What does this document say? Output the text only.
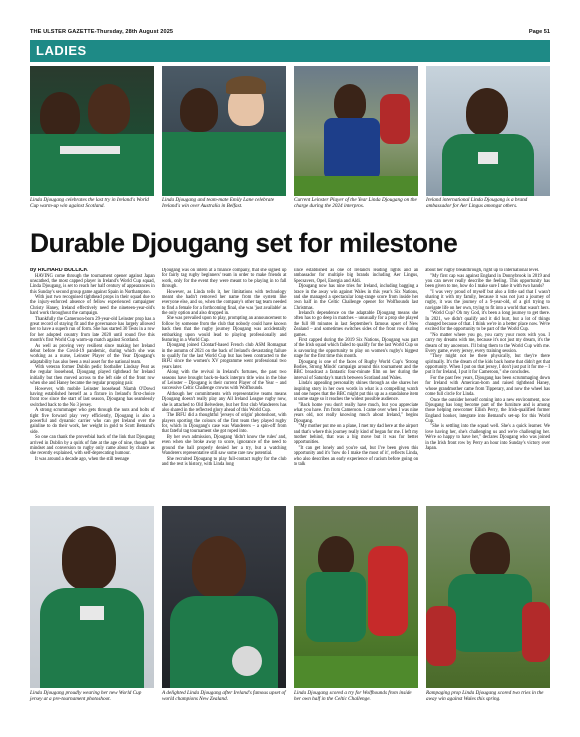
THE ULSTER GAZETTE-Thursday, 28th August 2025	Page 51
LADIES
Linda Djougang celebrates the last try in Ireland's World Cup warm-up win against Scotland.
Linda Djougang and team-mate Emily Lane celebrate Ireland's win over Australia in Belfast.
Current Leinster Player of the Year Linda Djougang on the charge during the 2024 interpros.
Ireland international Linda Djougang is a brand ambassador for Aer Lingus amongst others.
Durable Djougang set for milestone

by RICHARD BULLICK

HAVING come through the tournament opener against Japan unscathed, the most capped player in Ireland's World Cup squad, Linda Djougang, is set to reach her half century of appearances in this Sunday's second group game against Spain in Northampton.

With just two recognised tighthead props in their squad due to the injury-enforced absence of fellow experienced campaigner Christy Haney, Ireland effectively need the nineteen-year-old's hard work throughout the campaign.

Thankfully the Cameroon-born 29-year-old Leinster prop has a great record of staying fit and the governance has largely allowed her to have a superb run of form. She has started 30 Tests in a row for her adopted country from late 2020 until round five this month's first World Cup warm-up match against Scotland.

As well as proving very resilient since making her Ireland debut before the Covid-19 pandemic, during which she was working as a nurse, Leinster Player of the Year Djougang's adaptability has also been a real asset for the national team.

With veteran former Dublin pedic footballer Lindsay Peat as the regular loosehead, Djougang played tighthead for Ireland initially but then moved across to the left side of the front row when she and Haney became the regular propping pair.

However, with mobile Leinster loosehead Niamh O'Dowd having established herself as a fixture in Ireland's first-choice front row since the start of last season, Djougang has seamlessly switched back to the No 3 jersey.

A strong scrummager who gets through the nuts and bolts of tight five forward play very efficiently, Djougang is also a powerful and dynamic carrier who can get Ireland over the gainline to do their work, her weight in gold to Scott Bemand's side.

So one can thank the proverbial back of the link that Djougang arrived in Dublin by a quirk of fate at the age of nine, though her mindset and conversion to rugby only came about by chance as she recently explained, with self-deprecating humour.

It was around a decade ago, when the still teenage

Djougang was on intern at a finance company, that she signed up for fairly tag rugby beginners' team in order to make friends at work, only for the event they were meant to be playing in to fall through.

However, as Linda tells it, her limitations with technology meant she hadn't removed her name from the system like everyone else, and so, when the company's other tag team needed to find a female for a forthcoming final, she was 'just available' as the only option and also dropped in.

She was prevailed upon to play, prompting an announcement to follow by someone from the club that nobody could have known back then that the rugby journey Djougang was accidentally embarking upon would lead to playing professionally and featuring in a World Cup.

Djougang joined Clontarf-based French club ASM Romagnat in the autumn of 2021 on the back of Ireland's devastating failure to qualify for the last World Cup but has been contracted to the IRFU since the women's XV programme went professional two years later.

Along with the revival in Ireland's fortunes, the past two seasons have brought back-to-back interpro title wins in the blue of Leinster – Djougang is their current Player of the Year – and successive Celtic Challenge crowns with Wolfhounds.

Although her commitments with representative teams means Djougang doesn't really play any All Ireland League rugby now, she is attached to Old Belvedere, but her first club Wanderers has also shared in the reflected glory ahead of this World Cup.

The IRFU did a thoughtful 'jerseys of origin' photoshoot, with players sporting the colours of the first team they played rugby for, which in Djougang's case was Wanderers – a spin-off from that fateful tag tournament she got roped into.

By her own admission, Djougang 'didn't know the rules' and, even when she broke away to score, ignorance of the need to ground the ball properly denied her a try, but a watching Wanderers representative still saw some rare raw potential.

She recruited Djougang to play full-contact rugby for the club and the rest is history, with Linda long

since established as one of Ireland's leading lights and an ambassador for multiple big brands including Aer Lingus, Specsavers, Opel, Energia and Aldi.

Djougang now has nine tries for Ireland, including bagging a brace in the away win against Wales in this year's Six Nations, and she managed a spectacular long-range score from inside her own half in the Celtic Challenge opener for Wolfhounds last Christmas.

Ireland's dependence on the adaptable Djougang means she often has to go deep in matches – unusually for a prop she played the full 80 minutes in last September's famous upset of New Zealand – and sometimes switches sides of the front row during games.

First capped during the 2019 Six Nations, Djougang was part of the Irish squad which failed to qualify for the last World Cup so is savouring the opportunity to play on women's rugby's biggest stage for the first time this month.

Djougang is one of the faces of Rugby World Cup's 'Strong Bodies, Strong Minds' campaign around this tournament and the BBC broadcast a fantastic four-minute film on her during the interval of Saturday's match between Scotland and Wales.

Linda's appealing personality shines through as she shares her inspiring story in her own words in what is a compelling watch and one hopes that the BBC might put this up as a standalone item at some stage so it reaches the widest possible audience.

"Back home you don't really have much, but you appreciate what you have. I'm from Cameroon. I came over when I was nine years old, not really knowing much about Ireland," begins Djougang.

"My mother put me on a plane, I met my dad here at the airport and that's where this journey really kind of began for me. I left my mother behind, that was a big move but it was for better opportunities.

"It can get lonely and you're sad, but I've been given this opportunity and it's 'how do I make the most of it', reflects Linda, who also describes an early experience of racism before going on to talk

about her rugby breakthrough, right up to international level.

"My first cap was against England in Donnybrook in 2019 and you can never really describe the feeling. This opportunity has been given to me, how do I make sure I take it with two hands?

"I was very proud of myself but also a little sad that I wasn't sharing it with my family, because it was not just a journey of rugby, it was the journey of a 9-year-old, of a girl trying to navigate life on her own, trying to fit into a world that wasn't hers.

"World Cup? Oh my God, it's been a long journey to get there. In 2021, we didn't qualify and it did hurt, but a lot of things changed because of that. I think we're in a better place now. We're excited for the opportunity to be part of the World Cup.

"No matter where you go, you carry your roots with you. I carry my dreams with me, because it's not just my dream, it's the dream of my ancestors. I'll bring them to the World Cup with me. Every game, every jersey, every training session.

"They might not be there physically, but they're there spiritually. It's the dream of the kids back home that didn't get that opportunity. When I put on that jersey, I don't just put it for me – I put it for Ireland, I put it for Cameroon," she concludes.

For the past few years, Djougang has been scrummaging down for Ireland with American-born and raised tighthead Haney, whose grandmother came from Tipperary, and now the wheel has come full circle for Linda.

Once the outsider herself coming into a new environment, now Djougang has long become part of the furniture and is among those helping newcomer Eilish Perry, the Irish-qualified former England hooker, integrate into Bemand's set-up for this World Cup.

"She is settling into the squad well. She's a quick learner. We love having her, she's challenging us and we're challenging her. We're so happy to have her," declares Djougang who was joined in the Irish front row by Perry an hour into Sunday's victory over Japan.

Linda Djougang proudly wearing her new World Cup jersey at a pre-tournament photoshoot.
A delighted Linda Djougang after Ireland's famous upset of world champions New Zealand.
Linda Djougang scored a try for Wolfhounds from inside her own half in the Celtic Challenge.
Rampaging prop Linda Djougang scored two tries in the away win against Wales this spring.
